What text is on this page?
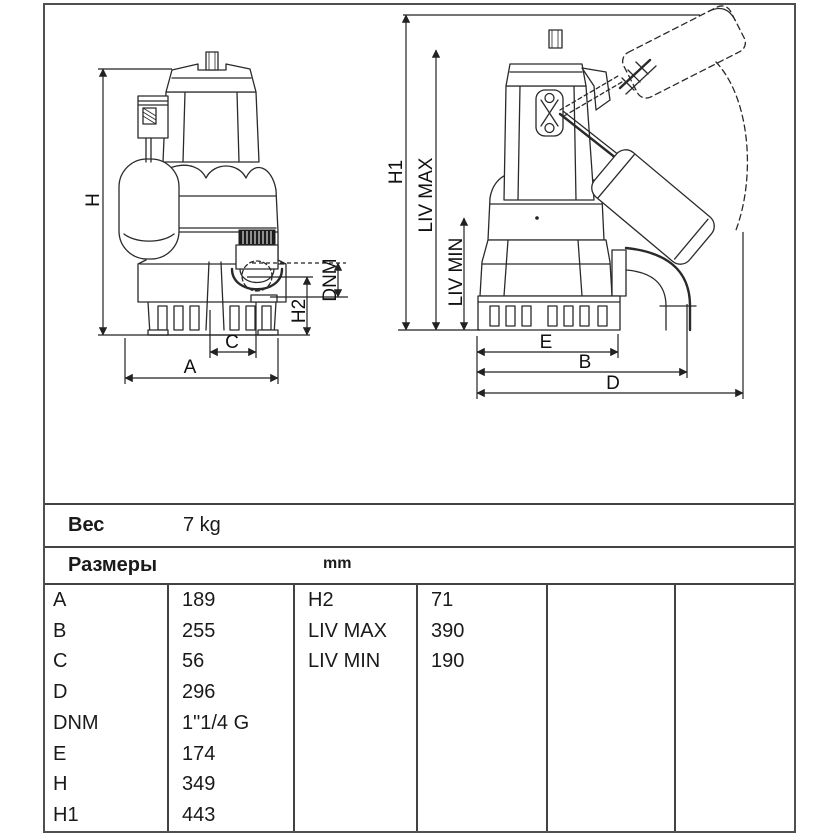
H
A
C
H2
DNM
H1 LIV MAX
LIV MIN
E
B
D
Вес	7 kg
Размеры	mm
A	189	H2	71		
B	255	LIV MAX	390		
C	56	LIV MIN	190		
D	296				
DNM	1"1/4 G				
E	174				
H	349				
H1	443				
